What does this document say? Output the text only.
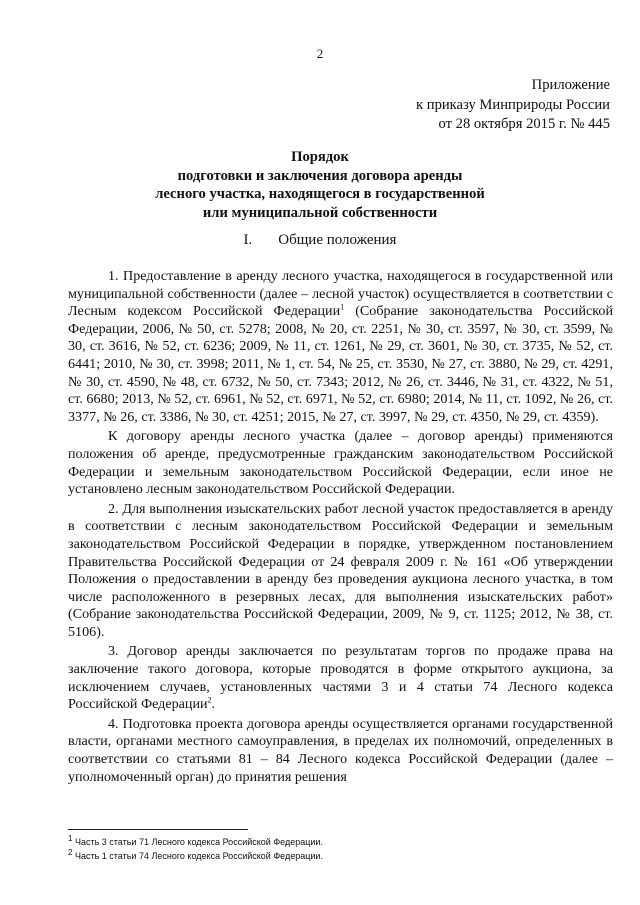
2
Приложение
к приказу Минприроды России
от 28 октября 2015 г. № 445
Порядок
подготовки и заключения договора аренды
лесного участка, находящегося в государственной
или муниципальной собственности
I. Общие положения

1. Предоставление в аренду лесного участка, находящегося в государственной или муниципальной собственности (далее – лесной участок) осуществляется в соответствии с Лесным кодексом Российской Федерации$^1$ (Собрание законодательства Российской Федерации, 2006, № 50, ст. 5278; 2008, № 20, ст. 2251, № 30, ст. 3597, № 30, ст. 3599, № 30, ст. 3616, № 52, ст. 6236; 2009, № 11, ст. 1261, № 29, ст. 3601, № 30, ст. 3735, № 52, ст. 6441; 2010, № 30, ст. 3998; 2011, № 1, ст. 54, № 25, ст. 3530, № 27, ст. 3880, № 29, ст. 4291, № 30, ст. 4590, № 48, ст. 6732, № 50, ст. 7343; 2012, № 26, ст. 3446, № 31, ст. 4322, № 51, ст. 6680; 2013, № 52, ст. 6961, № 52, ст. 6971, № 52, ст. 6980; 2014, № 11, ст. 1092, № 26, ст. 3377, № 26, ст. 3386, № 30, ст. 4251; 2015, № 27, ст. 3997, № 29, ст. 4350, № 29, ст. 4359).

К договору аренды лесного участка (далее – договор аренды) применяются положения об аренде, предусмотренные гражданским законодательством Российской Федерации и земельным законодательством Российской Федерации, если иное не установлено лесным законодательством Российской Федерации.

2. Для выполнения изыскательских работ лесной участок предоставляется в аренду в соответствии с лесным законодательством Российской Федерации и земельным законодательством Российской Федерации в порядке, утвержденном постановлением Правительства Российской Федерации от 24 февраля 2009 г. № 161 «Об утверждении Положения о предоставлении в аренду без проведения аукциона лесного участка, в том числе расположенного в резервных лесах, для выполнения изыскательских работ» (Собрание законодательства Российской Федерации, 2009, № 9, ст. 1125; 2012, № 38, ст. 5106).

3. Договор аренды заключается по результатам торгов по продаже права на заключение такого договора, которые проводятся в форме открытого аукциона, за исключением случаев, установленных частями 3 и 4 статьи 74 Лесного кодекса Российской Федерации$^2$.

4. Подготовка проекта договора аренды осуществляется органами государственной власти, органами местного самоуправления, в пределах их полномочий, определенных в соответствии со статьями 81 – 84 Лесного кодекса Российской Федерации (далее – уполномоченный орган) до принятия решения

$^1$ Часть 3 статьи 71 Лесного кодекса Российской Федерации.
$^2$ Часть 1 статьи 74 Лесного кодекса Российской Федерации.
